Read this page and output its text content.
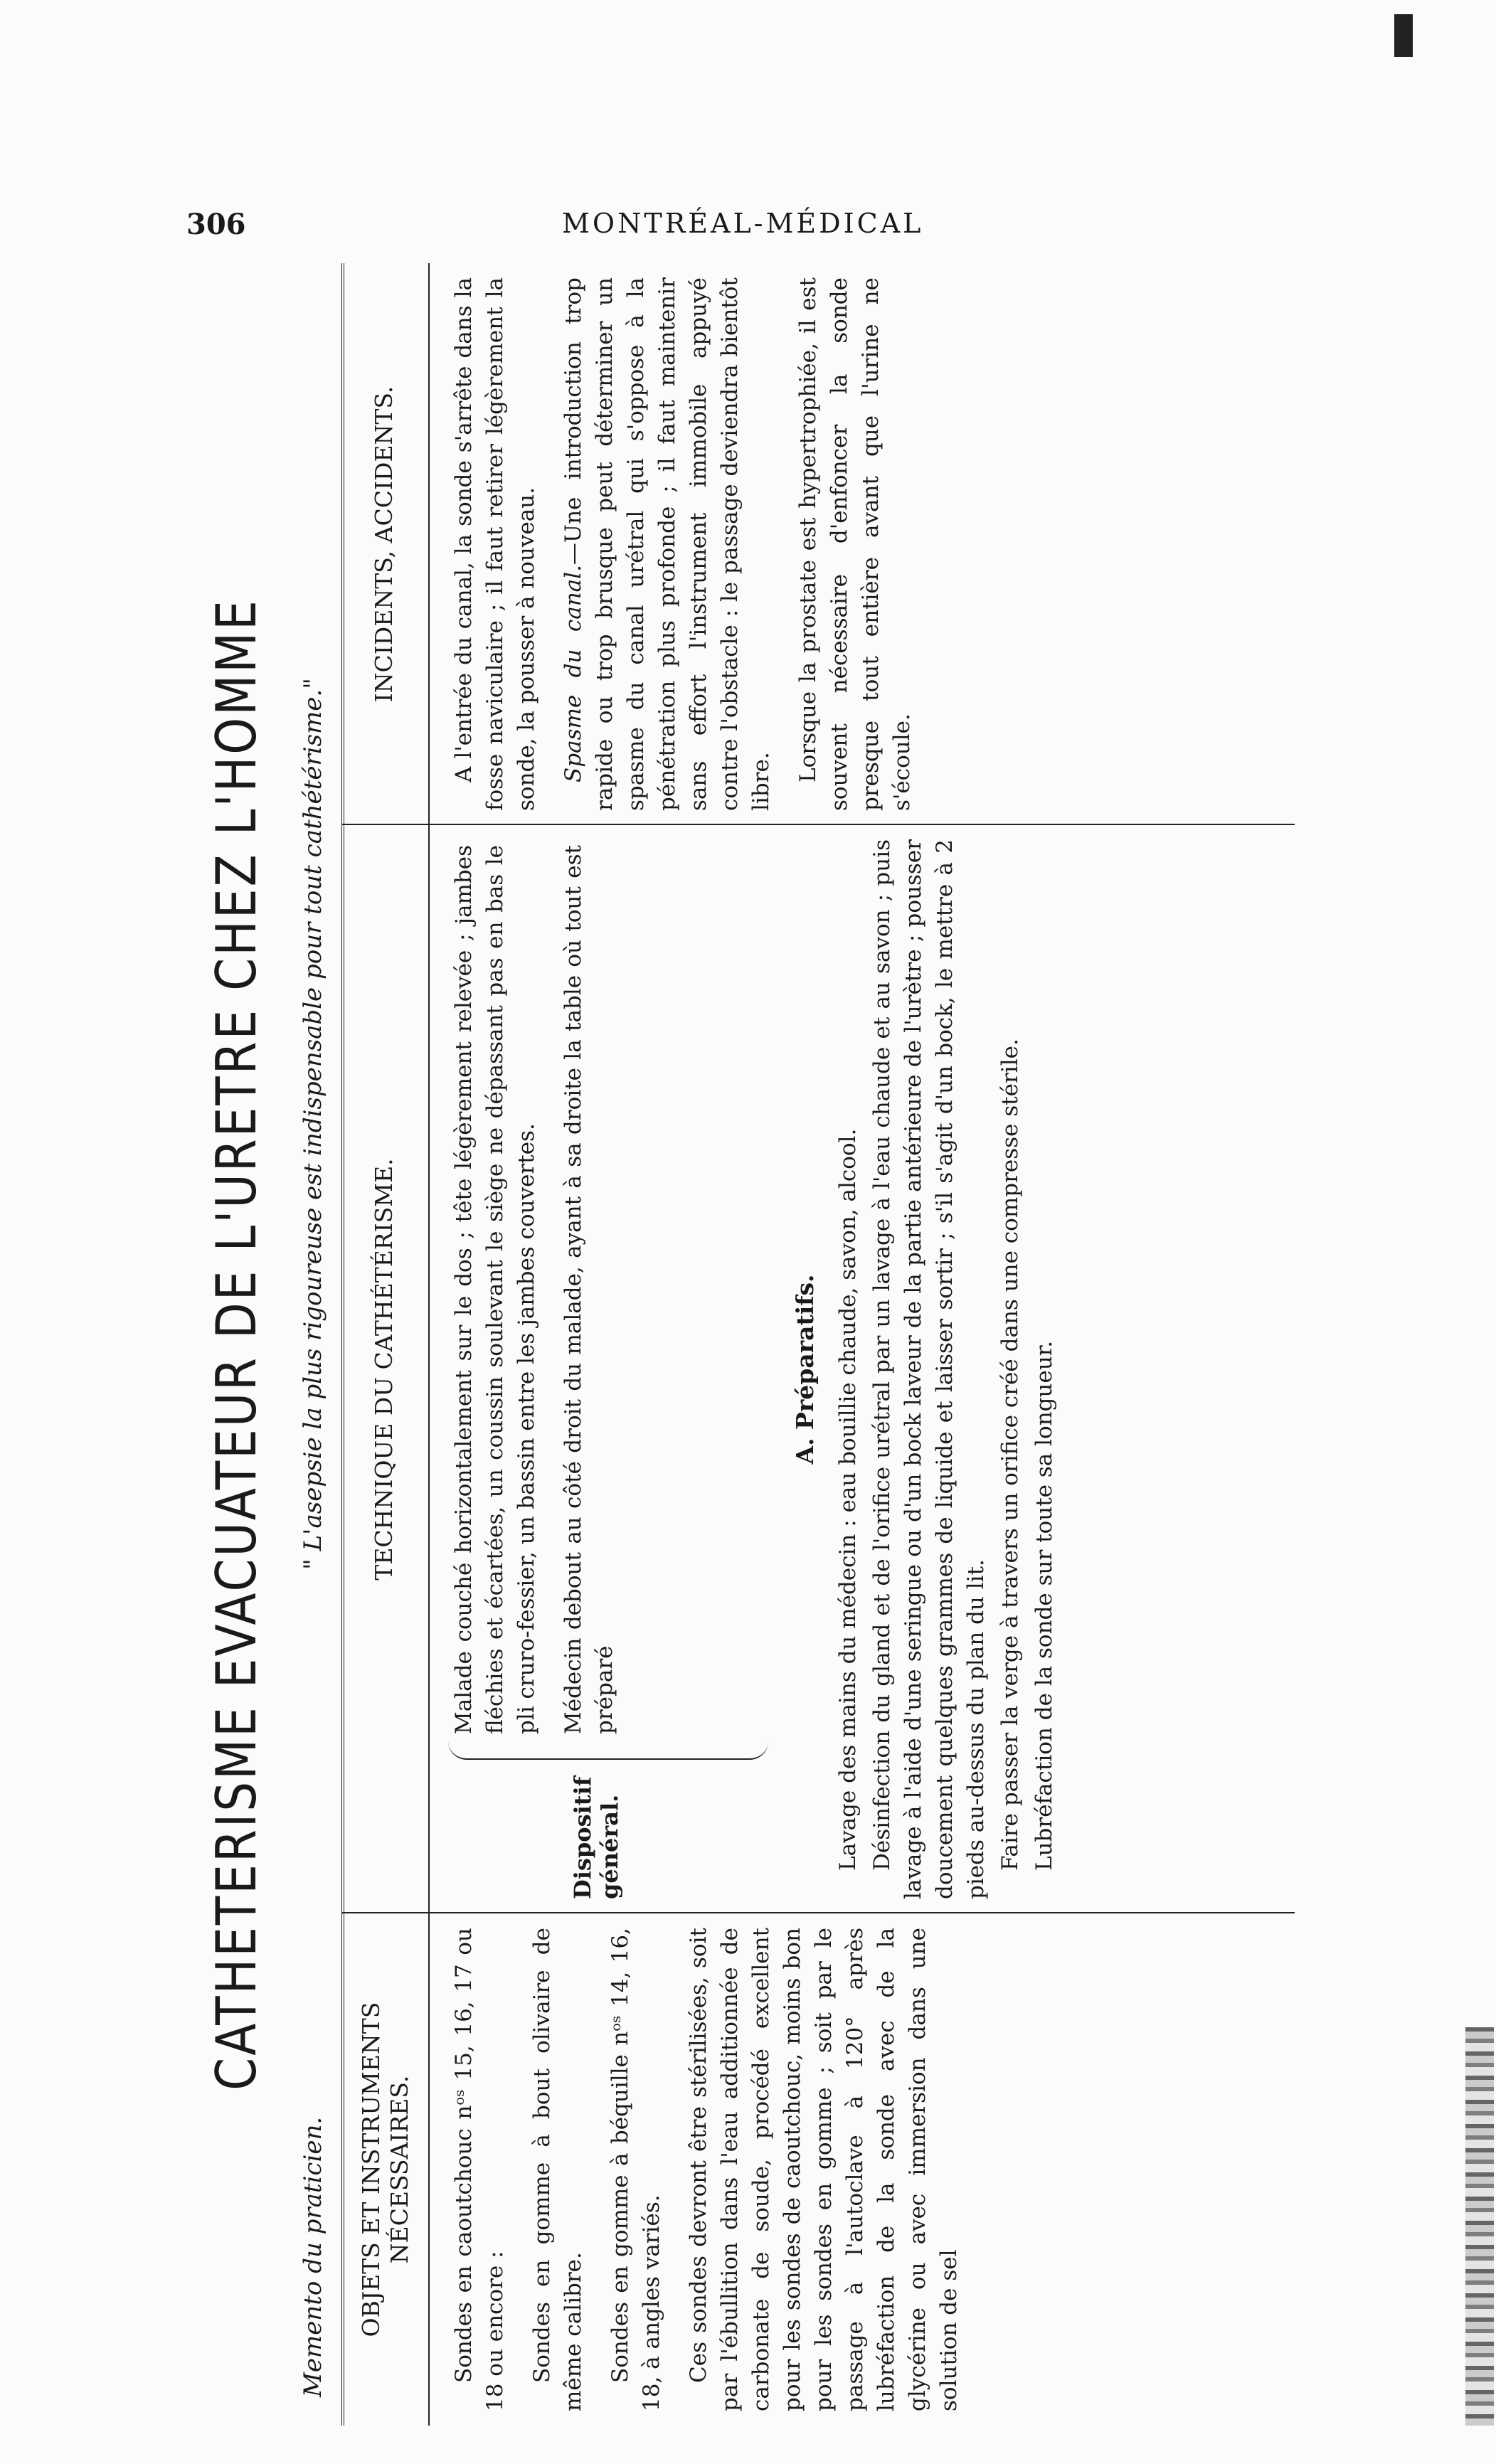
306	MONTRÉAL-MÉDICAL
CATHETERISME EVACUATEUR DE L'URETRE CHEZ L'HOMME
Memento du praticien.
" L'asepsie la plus rigoureuse est indispensable pour tout cathétérisme."
OBJETS ET INSTRUMENTS NÉCESSAIRES.
TECHNIQUE DU CATHÉTÉRISME.
INCIDENTS, ACCIDENTS.

Sondes en caoutchouc nᵒˢ 15, 16, 17 ou 18 ou encore : Sondes en gomme à bout olivaire de même calibre. Sondes en gomme à béquille nᵒˢ 14, 16, 18, à angles variés. Ces sondes devront être stérilisées, soit par l'ébullition dans l'eau additionnée de carbonate de soude, procédé excellent pour les sondes de caoutchouc, moins bon pour les sondes en gomme ; soit par le passage à l'autoclave à 120° après lubréfaction de la sonde avec de la glycérine ou avec immersion dans une solution de sel

Dispositif général.

Malade couché horizontalement sur le dos ; tête légèrement relevée ; jambes fléchies et écartées, un coussin soulevant le siège ne dépassant pas en bas le pli cruro-fessier, un bassin entre les jambes couvertes. Médecin debout au côté droit du malade, ayant à sa droite la table où tout est préparé

A. Préparatifs. Lavage des mains du médecin : eau bouillie chaude, savon, alcool. Désinfection du gland et de l'orifice urétral par un lavage à l'eau chaude et au savon ; puis lavage à l'aide d'une seringue ou d'un bock laveur de la partie antérieure de l'urètre ; pousser doucement quelques grammes de liquide et laisser sortir ; s'il s'agit d'un bock, le mettre à 2 pieds au-dessus du plan du lit. Faire passer la verge à travers un orifice créé dans une compresse stérile. Lubréfaction de la sonde sur toute sa longueur.

A l'entrée du canal, la sonde s'arrête dans la fosse naviculaire ; il faut retirer légèrement la sonde, la pousser à nouveau. Spasme du canal.—Une introduction trop rapide ou trop brusque peut déterminer un spasme du canal urétral qui s'oppose à la pénétration plus profonde ; il faut maintenir sans effort l'instrument immobile appuyé contre l'obstacle : le passage deviendra bientôt libre. Lorsque la prostate est hypertrophiée, il est souvent nécessaire d'enfoncer la sonde presque tout entière avant que l'urine ne s'écoule.
